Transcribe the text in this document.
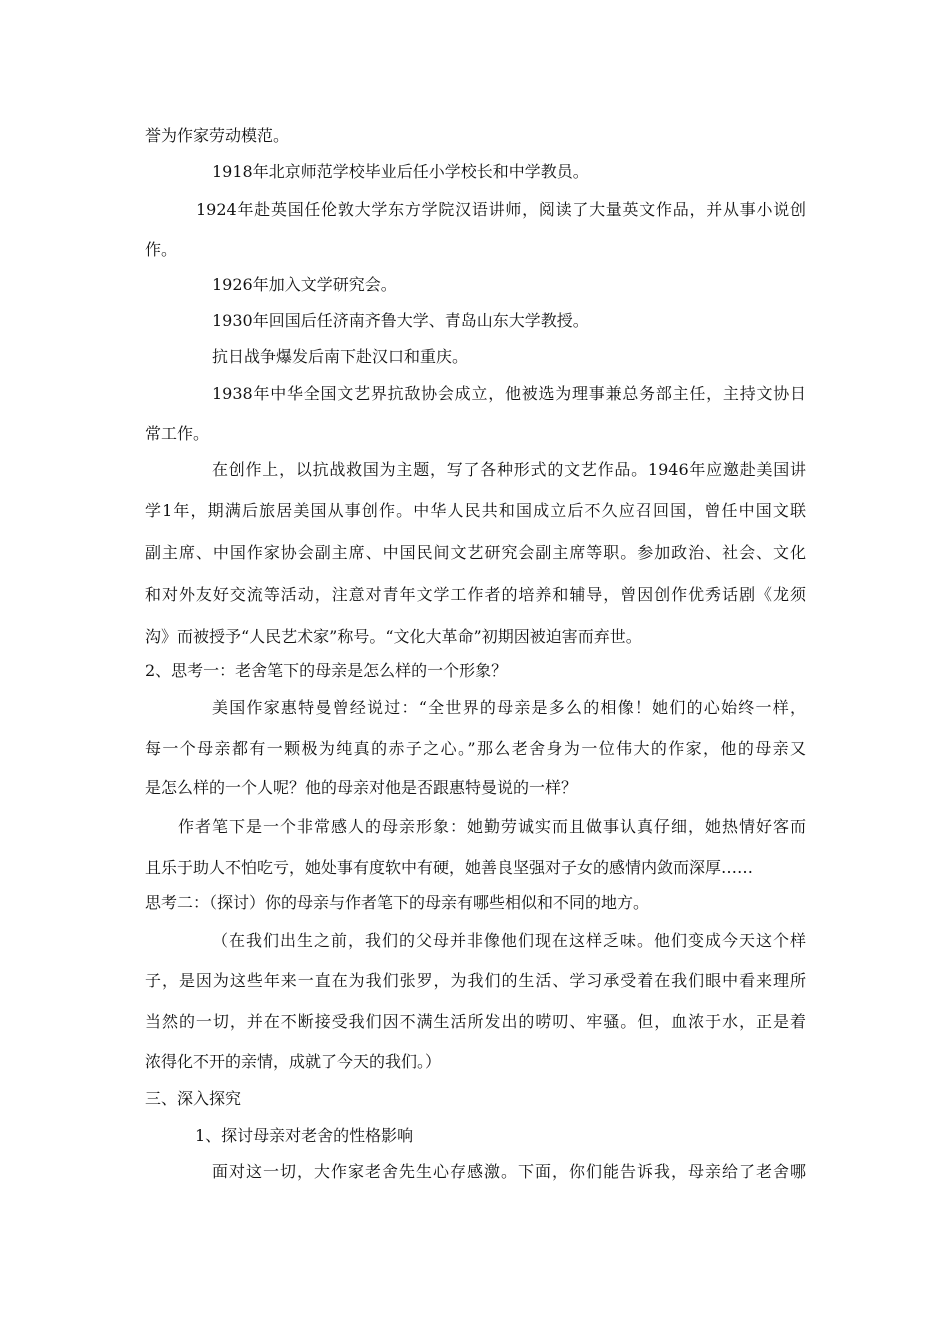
誉为作家劳动模范。
1918年北京师范学校毕业后任小学校长和中学教员。
1924年赴英国任伦敦大学东方学院汉语讲师，阅读了大量英文作品，并从事小说创
作。
1926年加入文学研究会。
1930年回国后任济南齐鲁大学、青岛山东大学教授。
抗日战争爆发后南下赴汉口和重庆。
1938年中华全国文艺界抗敌协会成立，他被选为理事兼总务部主任，主持文协日
常工作。
在创作上，以抗战救国为主题，写了各种形式的文艺作品。1946年应邀赴美国讲
学1年，期满后旅居美国从事创作。中华人民共和国成立后不久应召回国，曾任中国文联
副主席、中国作家协会副主席、中国民间文艺研究会副主席等职。参加政治、社会、文化
和对外友好交流等活动，注意对青年文学工作者的培养和辅导，曾因创作优秀话剧《龙须
沟》而被授予“人民艺术家”称号。“文化大革命”初期因被迫害而弃世。
2、思考一：老舍笔下的母亲是怎么样的一个形象？
美国作家惠特曼曾经说过：“全世界的母亲是多么的相像！她们的心始终一样，
每一个母亲都有一颗极为纯真的赤子之心。”那么老舍身为一位伟大的作家，他的母亲又
是怎么样的一个人呢？他的母亲对他是否跟惠特曼说的一样？
作者笔下是一个非常感人的母亲形象：她勤劳诚实而且做事认真仔细，她热情好客而
且乐于助人不怕吃亏，她处事有度软中有硬，她善良坚强对子女的感情内敛而深厚……
思考二：（探讨）你的母亲与作者笔下的母亲有哪些相似和不同的地方。
（在我们出生之前，我们的父母并非像他们现在这样乏味。他们变成今天这个样
子，是因为这些年来一直在为我们张罗，为我们的生活、学习承受着在我们眼中看来理所
当然的一切，并在不断接受我们因不满生活所发出的唠叨、牢骚。但，血浓于水，正是着
浓得化不开的亲情，成就了今天的我们。）
三、深入探究
1、探讨母亲对老舍的性格影响
面对这一切，大作家老舍先生心存感激。下面，你们能告诉我，母亲给了老舍哪
